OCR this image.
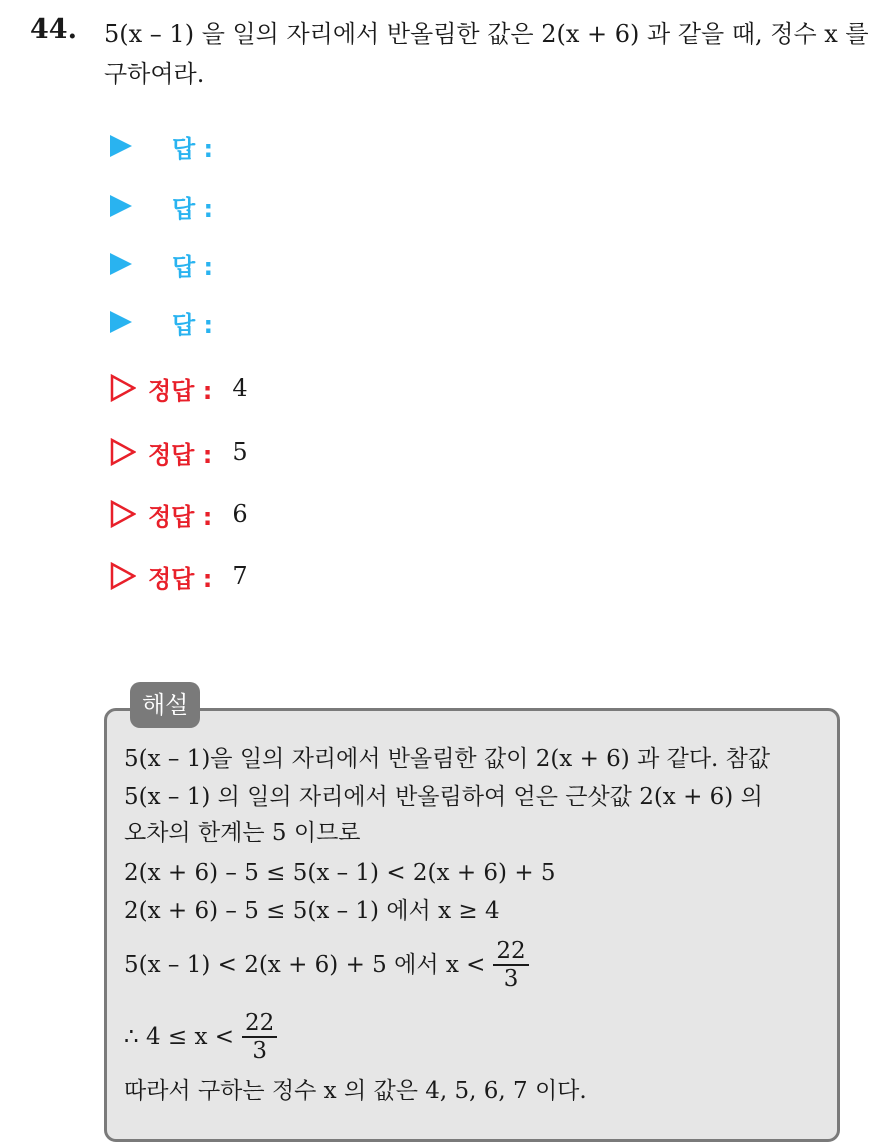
44. 5(x – 1) 을 일의 자리에서 반올림한 값은 2(x + 6) 과 같을 때, 정수 x 를 구하여라.
답 :
답 :
답 :
답 :
정답 : 4
정답 : 5
정답 : 6
정답 : 7
해설
5(x – 1)을 일의 자리에서 반올림한 값이 2(x + 6) 과 같다. 참값
5(x – 1) 의 일의 자리에서 반올림하여 얻은 근삿값 2(x + 6) 의
오차의 한계는 5 이므로
2(x + 6) – 5 ≤ 5(x – 1) < 2(x + 6) + 5
2(x + 6) – 5 ≤ 5(x – 1) 에서 x ≥ 4
5(x – 1) < 2(x + 6) + 5 에서 $x < \frac{22}{3}$
∴ $4 \le x < \frac{22}{3}$
따라서 구하는 정수 x 의 값은 4, 5, 6, 7 이다.
